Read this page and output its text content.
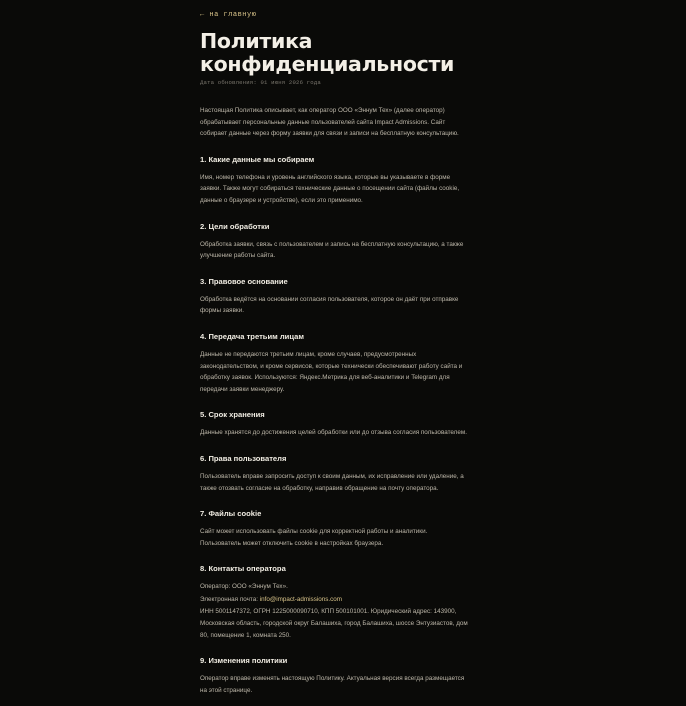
← на главную
Политика конфиденциальности
Дата обновления: 01 июня 2026 года

Настоящая Политика описывает, как оператор ООО «Эннум Тех» (далее оператор) обрабатывает персональные данные пользователей сайта Impact Admissions. Сайт собирает данные через форму заявки для связи и записи на бесплатную консультацию.

1. Какие данные мы собираем

Имя, номер телефона и уровень английского языка, которые вы указываете в форме заявки. Также могут собираться технические данные о посещении сайта (файлы cookie, данные о браузере и устройстве), если это применимо.

2. Цели обработки

Обработка заявки, связь с пользователем и запись на бесплатную консультацию, а также улучшение работы сайта.

3. Правовое основание

Обработка ведётся на основании согласия пользователя, которое он даёт при отправке формы заявки.

4. Передача третьим лицам

Данные не передаются третьим лицам, кроме случаев, предусмотренных законодательством, и кроме сервисов, которые технически обеспечивают работу сайта и обработку заявок. Используются: Яндекс.Метрика для веб-аналитики и Telegram для передачи заявки менеджеру.

5. Срок хранения

Данные хранятся до достижения целей обработки или до отзыва согласия пользователем.

6. Права пользователя

Пользователь вправе запросить доступ к своим данным, их исправление или удаление, а также отозвать согласие на обработку, направив обращение на почту оператора.

7. Файлы cookie

Сайт может использовать файлы cookie для корректной работы и аналитики. Пользователь может отключить cookie в настройках браузера.

8. Контакты оператора

Оператор: ООО «Эннум Тех».

Электронная почта: info@impact-admissions.com

ИНН 5001147372, ОГРН 1225000090710, КПП 500101001. Юридический адрес: 143900, Московская область, городской округ Балашиха, город Балашиха, шоссе Энтузиастов, дом 80, помещение 1, комната 250.

9. Изменения политики

Оператор вправе изменять настоящую Политику. Актуальная версия всегда размещается на этой странице.
